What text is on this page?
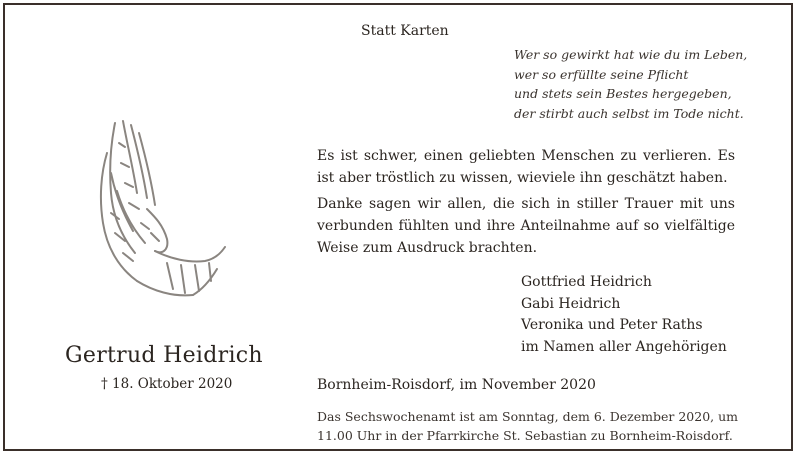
Statt Karten
Wer so gewirkt hat wie du im Leben,
wer so erfüllte seine Pflicht
und stets sein Bestes hergegeben,
der stirbt auch selbst im Tode nicht.

Es ist schwer, einen geliebten Menschen zu verlieren. Es ist aber tröstlich zu wissen, wieviele ihn geschätzt haben.

Danke sagen wir allen, die sich in stiller Trauer mit uns verbunden fühlten und ihre Anteilnahme auf so vielfältige Weise zum Ausdruck brachten.

Gottfried Heidrich
Gabi Heidrich
Veronika und Peter Raths
im Namen aller Angehörigen
Gertrud Heidrich
† 18. Oktober 2020	Bornheim-Roisdorf, im November 2020
Das Sechswochenamt ist am Sonntag, dem 6. Dezember 2020, um
11.00 Uhr in der Pfarrkirche St. Sebastian zu Bornheim-Roisdorf.
